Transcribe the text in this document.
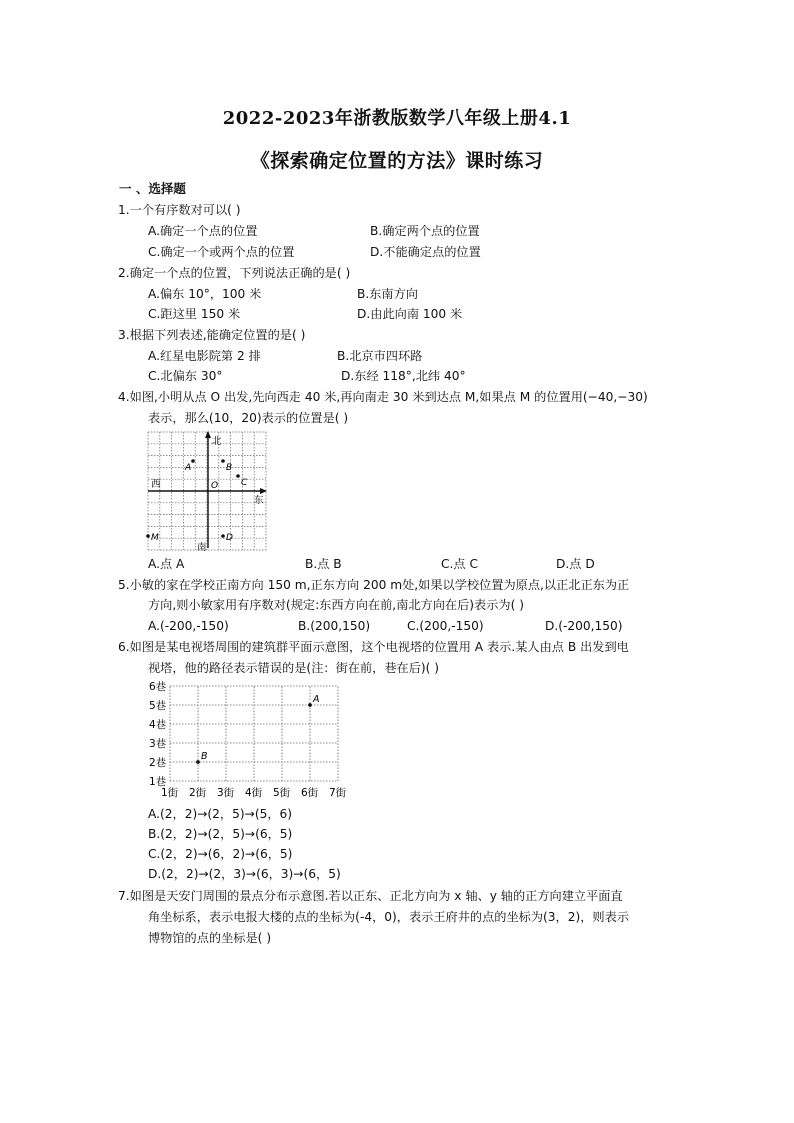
2022-2023年浙教版数学八年级上册4.1
《探索确定位置的方法》课时练习
一 、选择题
1.一个有序数对可以( )
A.确定一个点的位置	B.确定两个点的位置
C.确定一个或两个点的位置	D.不能确定点的位置
2.确定一个点的位置，下列说法正确的是( )
A.偏东 10°，100 米	B.东南方向
C.距这里 150 米	D.由此向南 100 米
3.根据下列表述,能确定位置的是( )
A.红星电影院第 2 排	B.北京市四环路
C.北偏东 30°	D.东经 118°,北纬 40°
4.如图,小明从点 O 出发,先向西走 40 米,再向南走 30 米到达点 M,如果点 M 的位置用(−40,−30)
表示，那么(10，20)表示的位置是( )
北
南
西
东
A	B
C
O
M	D
A.点 A	B.点 B	C.点 C	D.点 D
5.小敏的家在学校正南方向 150 m,正东方向 200 m处,如果以学校位置为原点,以正北正东为正
方向,则小敏家用有序数对(规定:东西方向在前,南北方向在后)表示为( )
A.(-200,-150)	B.(200,150)	C.(200,-150)	D.(-200,150)
6.如图是某电视塔周围的建筑群平面示意图，这个电视塔的位置用 A 表示.某人由点 B 出发到电
视塔，他的路径表示错误的是(注：街在前，巷在后)( )
1巷
2巷
3巷
4巷
5巷
6巷
1街 2街 3街 4街 5街 6街 7街
A
B
A.(2，2)→(2，5)→(5，6)
B.(2，2)→(2，5)→(6，5)
C.(2，2)→(6，2)→(6，5)
D.(2，2)→(2，3)→(6，3)→(6，5)
7.如图是天安门周围的景点分布示意图.若以正东、正北方向为 x 轴、y 轴的正方向建立平面直
角坐标系，表示电报大楼的点的坐标为(-4，0)，表示王府井的点的坐标为(3，2)，则表示
博物馆的点的坐标是( )
